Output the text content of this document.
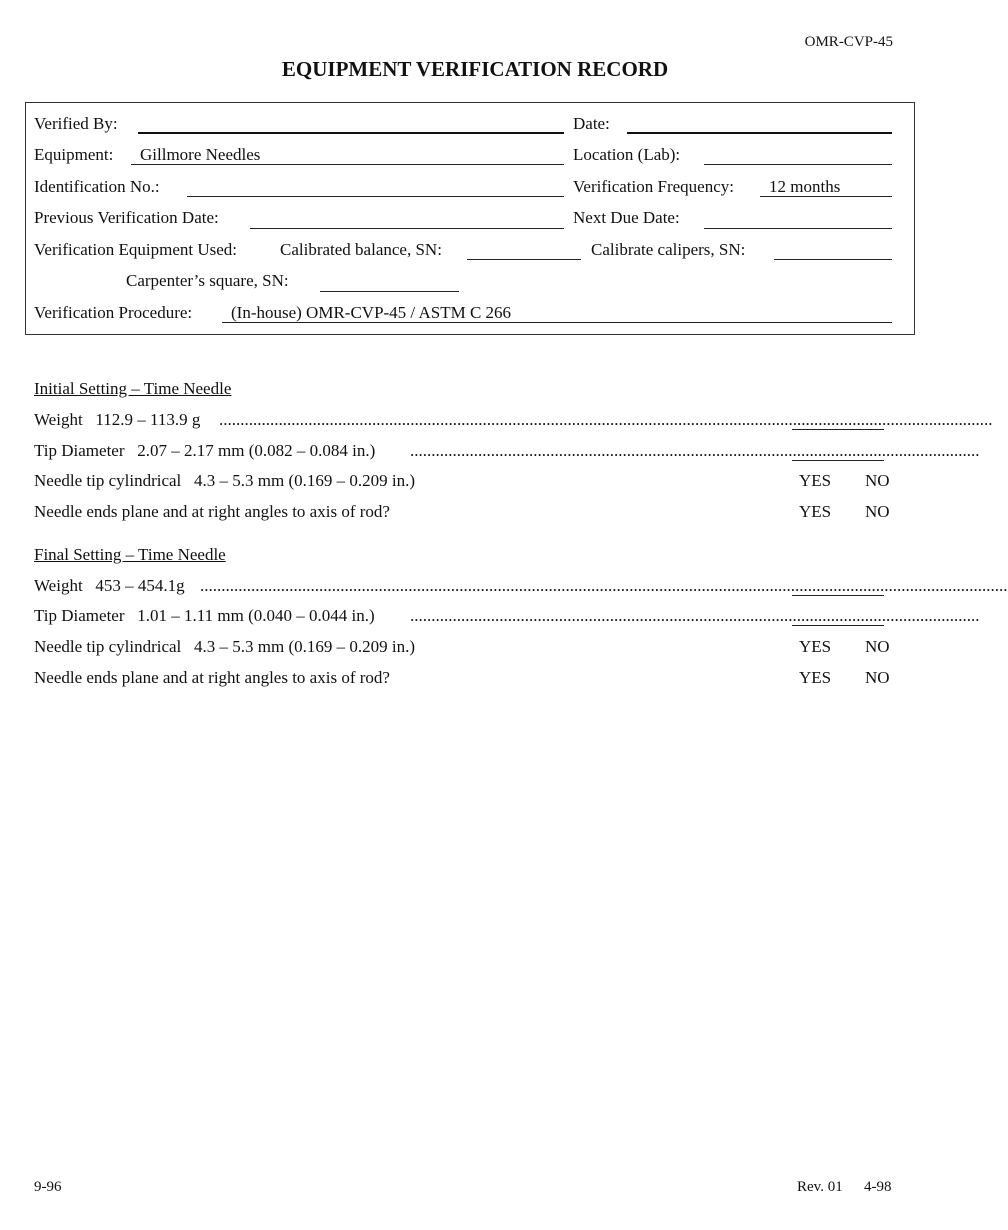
OMR-CVP-45
EQUIPMENT VERIFICATION RECORD
Verified By:	Date:
Equipment: Gillmore Needles	Location (Lab):
Identification No.:	Verification Frequency: 12 months
Previous Verification Date:	Next Due Date:
Verification Equipment Used:	Calibrated balance, SN:	Calibrate calipers, SN:
Carpenter’s square, SN:
Verification Procedure: (In-house) OMR-CVP-45 / ASTM C 266
Initial Setting – Time Needle
Weight   112.9 – 113.9 g ......................................................................................................................................................................................
Tip Diameter   2.07 – 2.17 mm (0.082 – 0.084 in.) ......................................................................................................................................
Needle tip cylindrical   4.3 – 5.3 mm (0.169 – 0.209 in.)	YES NO
Needle ends plane and at right angles to axis of rod?	YES NO
Final Setting – Time Needle
Weight   453 – 454.1g ..............................................................................................................................................................................................
Tip Diameter   1.01 – 1.11 mm (0.040 – 0.044 in.) ......................................................................................................................................
Needle tip cylindrical   4.3 – 5.3 mm (0.169 – 0.209 in.)	YES NO
Needle ends plane and at right angles to axis of rod?	YES NO
9-96	Rev. 01 4-98
